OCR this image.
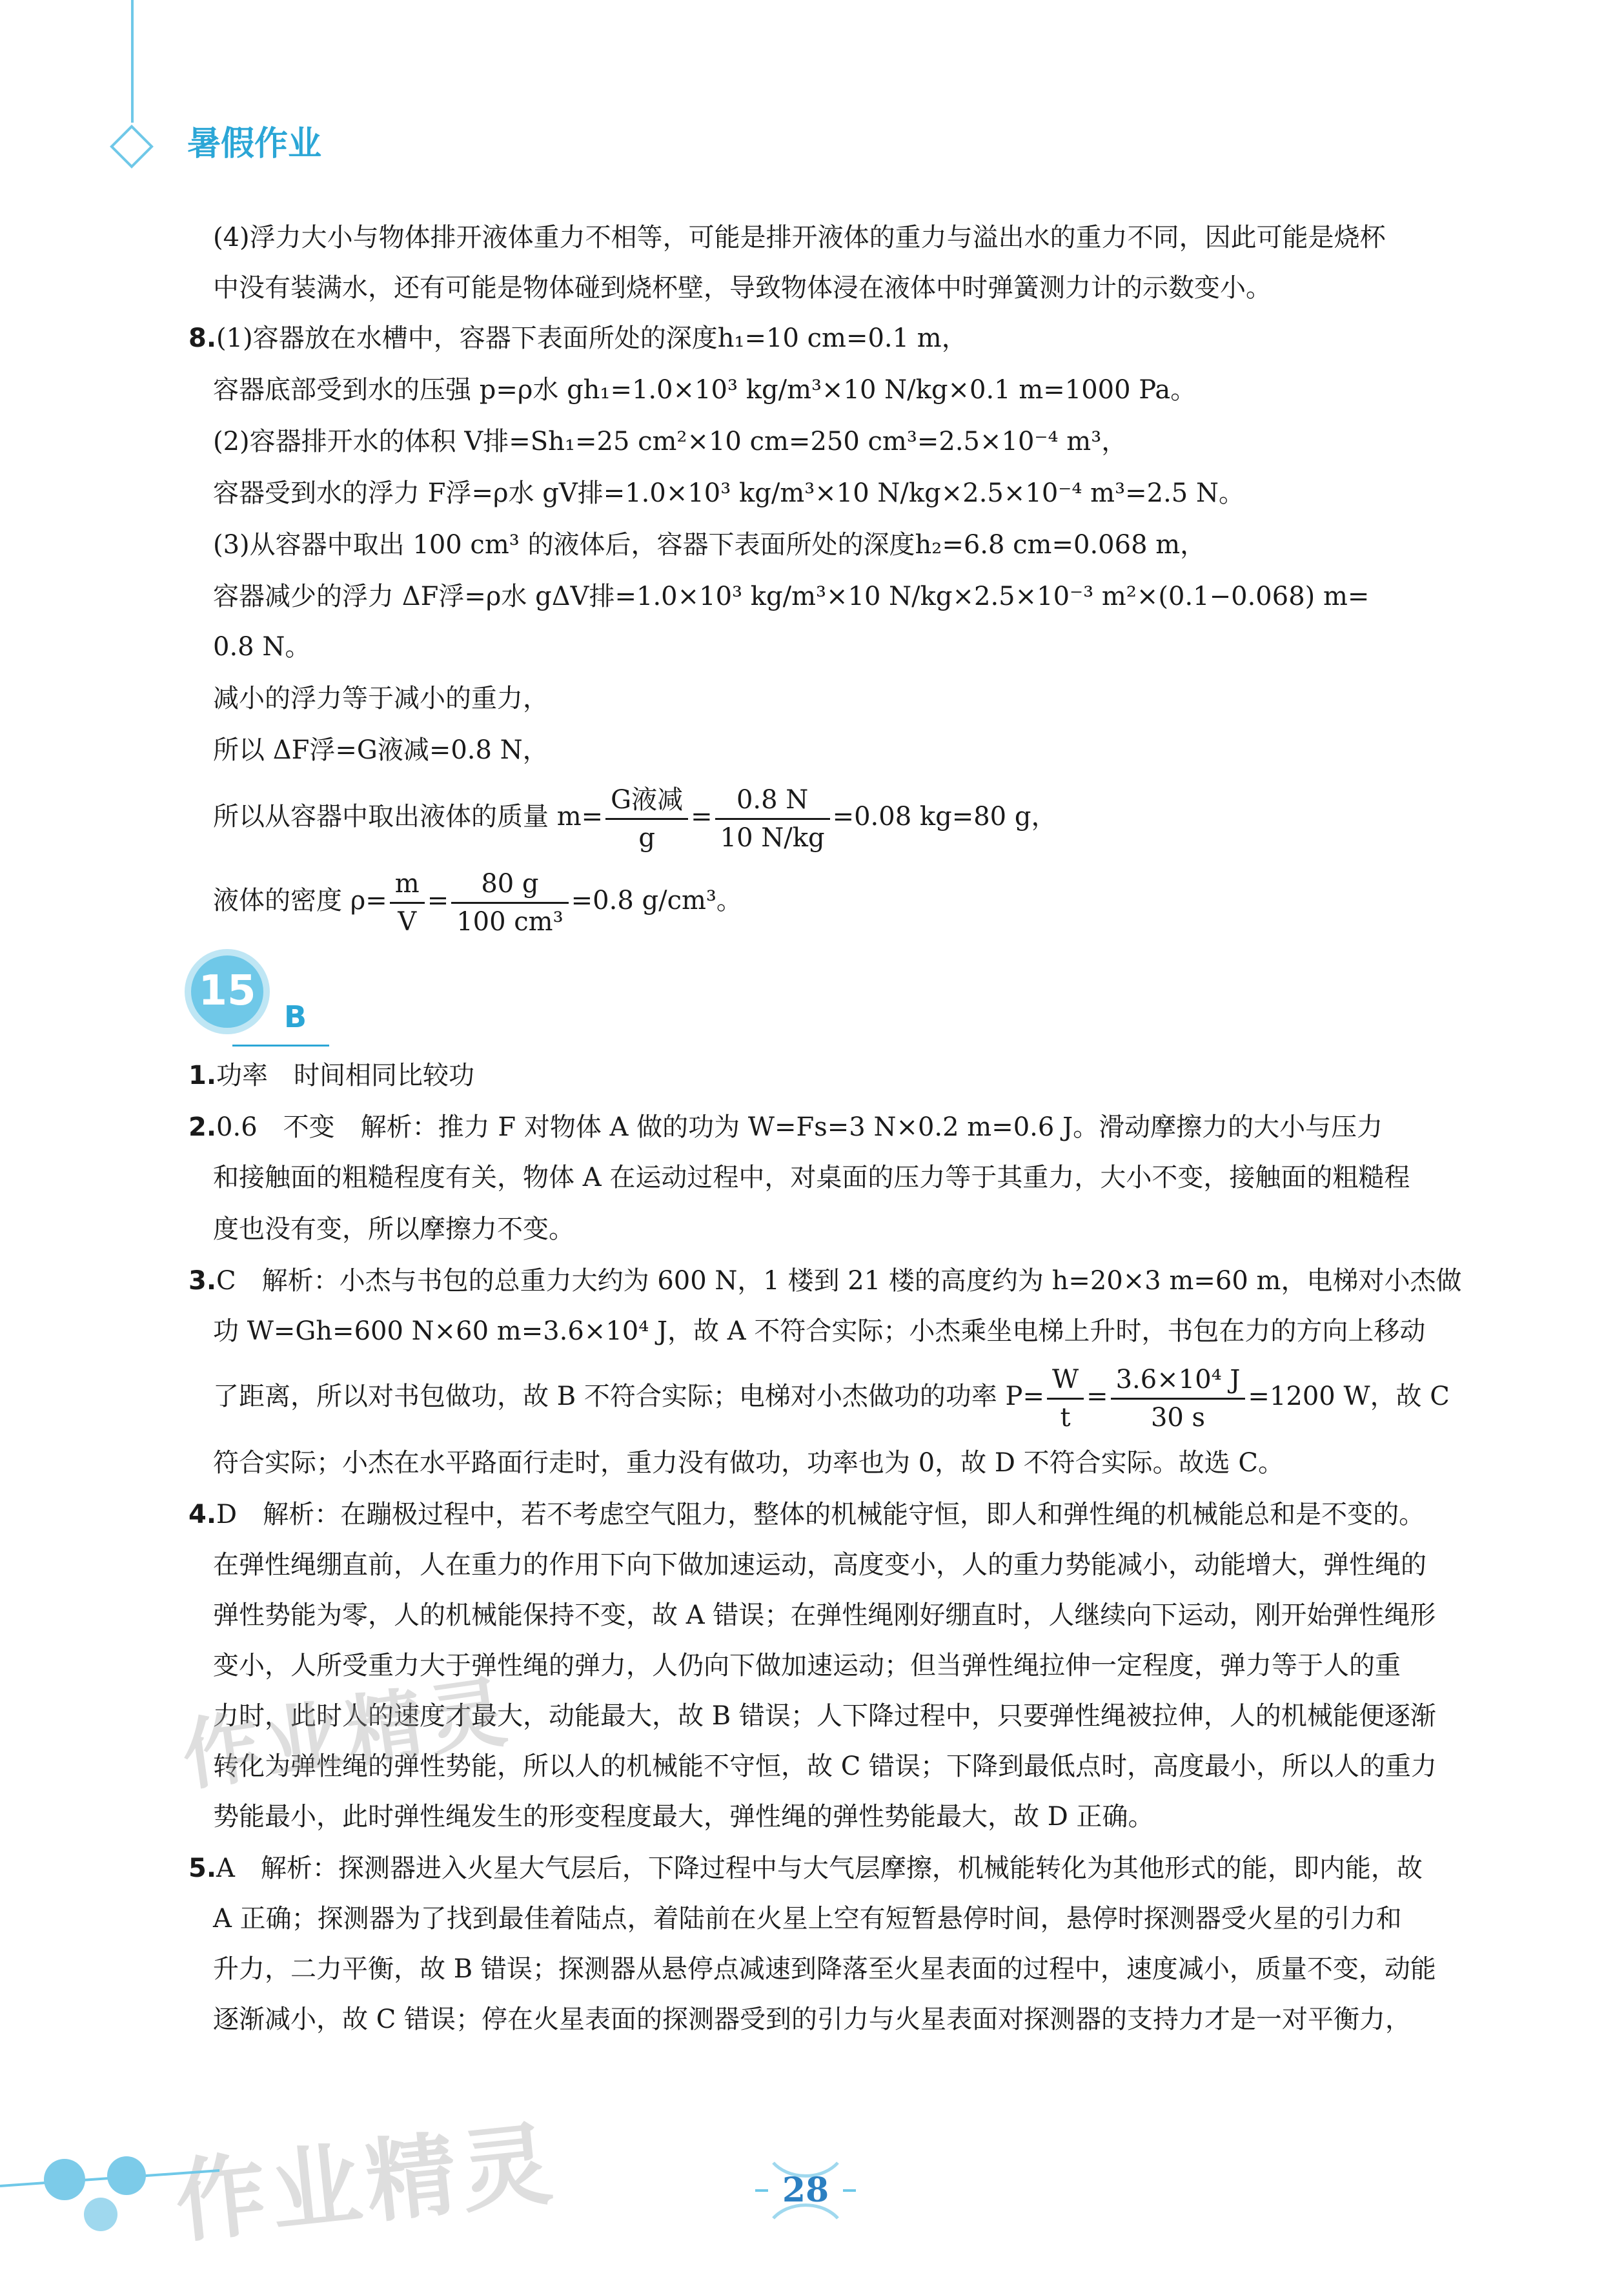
暑假作业
(4)浮力大小与物体排开液体重力不相等，可能是排开液体的重力与溢出水的重力不同，因此可能是烧杯
中没有装满水，还有可能是物体碰到烧杯壁，导致物体浸在液体中时弹簧测力计的示数变小。
8.(1)容器放在水槽中，容器下表面所处的深度h₁=10 cm=0.1 m，
容器底部受到水的压强 p=ρ水 gh₁=1.0×10³ kg/m³×10 N/kg×0.1 m=1000 Pa。
(2)容器排开水的体积 V排=Sh₁=25 cm²×10 cm=250 cm³=2.5×10⁻⁴ m³，
容器受到水的浮力 F浮=ρ水 gV排=1.0×10³ kg/m³×10 N/kg×2.5×10⁻⁴ m³=2.5 N。
(3)从容器中取出 100 cm³ 的液体后，容器下表面所处的深度h₂=6.8 cm=0.068 m，
容器减少的浮力 ΔF浮=ρ水 gΔV排=1.0×10³ kg/m³×10 N/kg×2.5×10⁻³ m²×(0.1−0.068) m=
0.8 N。
减小的浮力等于减小的重力，
所以 ΔF浮=G液减=0.8 N，
所以从容器中取出液体的质量 $m= \frac{\text{G液减}}{g} = \frac{0.8 N}{10 N/kg} =0.08$ kg=80 g，
液体的密度 $\rho= \frac{m}{V} = \frac{80 g}{\text{100 cm³}} =0.8$ g/cm³。
15
B
1.功率　时间相同比较功
2.0.6　不变　解析：推力 F 对物体 A 做的功为 W=Fs=3 N×0.2 m=0.6 J。滑动摩擦力的大小与压力
和接触面的粗糙程度有关，物体 A 在运动过程中，对桌面的压力等于其重力，大小不变，接触面的粗糙程
度也没有变，所以摩擦力不变。
3.C　解析：小杰与书包的总重力大约为 600 N，1 楼到 21 楼的高度约为 h=20×3 m=60 m，电梯对小杰做
功 W=Gh=600 N×60 m=3.6×10⁴ J，故 A 不符合实际；小杰乘坐电梯上升时，书包在力的方向上移动
了距离，所以对书包做功，故 B 不符合实际；电梯对小杰做功的功率 $P= \frac{W}{t} = \frac{\text{3.6×10⁴ J}}{30 s} =1200$ W，故 C
符合实际；小杰在水平路面行走时，重力没有做功，功率也为 0，故 D 不符合实际。故选 C。
4.D　解析：在蹦极过程中，若不考虑空气阻力，整体的机械能守恒，即人和弹性绳的机械能总和是不变的。
在弹性绳绷直前，人在重力的作用下向下做加速运动，高度变小，人的重力势能减小，动能增大，弹性绳的
弹性势能为零，人的机械能保持不变，故 A 错误；在弹性绳刚好绷直时，人继续向下运动，刚开始弹性绳形
变小，人所受重力大于弹性绳的弹力，人仍向下做加速运动；但当弹性绳拉伸一定程度，弹力等于人的重
力时，此时人的速度才最大，动能最大，故 B 错误；人下降过程中，只要弹性绳被拉伸，人的机械能便逐渐
转化为弹性绳的弹性势能，所以人的机械能不守恒，故 C 错误；下降到最低点时，高度最小，所以人的重力
势能最小，此时弹性绳发生的形变程度最大，弹性绳的弹性势能最大，故 D 正确。
5.A　解析：探测器进入火星大气层后，下降过程中与大气层摩擦，机械能转化为其他形式的能，即内能，故
A 正确；探测器为了找到最佳着陆点，着陆前在火星上空有短暂悬停时间，悬停时探测器受火星的引力和
升力，二力平衡，故 B 错误；探测器从悬停点减速到降落至火星表面的过程中，速度减小，质量不变，动能
逐渐减小，故 C 错误；停在火星表面的探测器受到的引力与火星表面对探测器的支持力才是一对平衡力，
作业精灵
作业精灵	28
